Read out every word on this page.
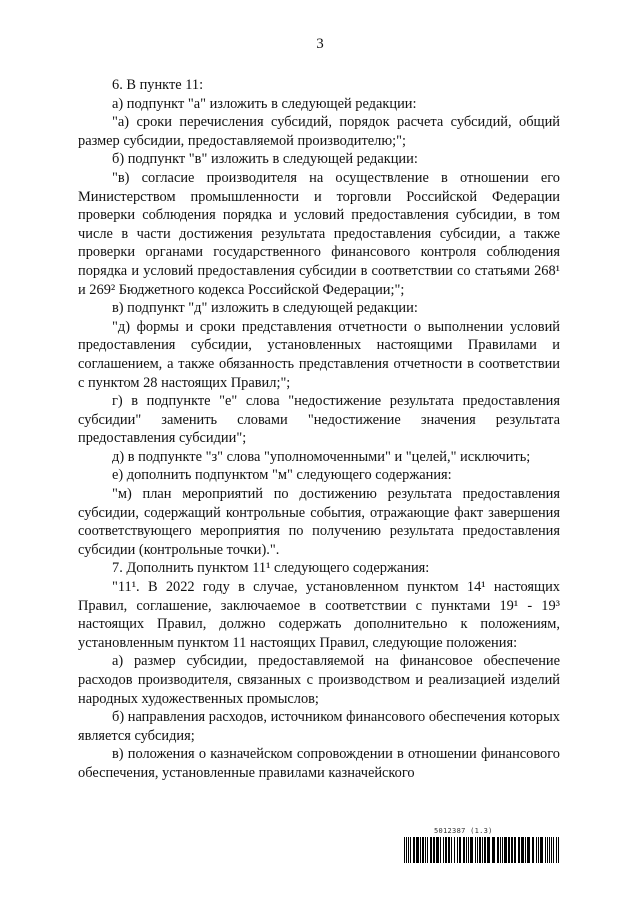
3

6. В пункте 11:

а) подпункт "а" изложить в следующей редакции:

"а) сроки перечисления субсидий, порядок расчета субсидий, общий размер субсидии, предоставляемой производителю;";

б) подпункт "в" изложить в следующей редакции:

"в) согласие производителя на осуществление в отношении его Министерством промышленности и торговли Российской Федерации проверки соблюдения порядка и условий предоставления субсидии, в том числе в части достижения результата предоставления субсидии, а также проверки органами государственного финансового контроля соблюдения порядка и условий предоставления субсидии в соответствии со статьями 268¹ и 269² Бюджетного кодекса Российской Федерации;";

в) подпункт "д" изложить в следующей редакции:

"д) формы и сроки представления отчетности о выполнении условий предоставления субсидии, установленных настоящими Правилами и соглашением, а также обязанность представления отчетности в соответствии с пунктом 28 настоящих Правил;";

г) в подпункте "е" слова "недостижение результата предоставления субсидии" заменить словами "недостижение значения результата предоставления субсидии";

д) в подпункте "з" слова "уполномоченными" и "целей," исключить;

е) дополнить подпунктом "м" следующего содержания:

"м) план мероприятий по достижению результата предоставления субсидии, содержащий контрольные события, отражающие факт завершения соответствующего мероприятия по получению результата предоставления субсидии (контрольные точки).".

7. Дополнить пунктом 11¹ следующего содержания:

"11¹. В 2022 году в случае, установленном пунктом 14¹ настоящих Правил, соглашение, заключаемое в соответствии с пунктами 19¹ - 19³ настоящих Правил, должно содержать дополнительно к положениям, установленным пунктом 11 настоящих Правил, следующие положения:

а) размер субсидии, предоставляемой на финансовое обеспечение расходов производителя, связанных с производством и реализацией изделий народных художественных промыслов;

б) направления расходов, источником финансового обеспечения которых является субсидия;

в) положения о казначейском сопровождении в отношении финансового обеспечения, установленные правилами казначейского

5012387 (1.3)
